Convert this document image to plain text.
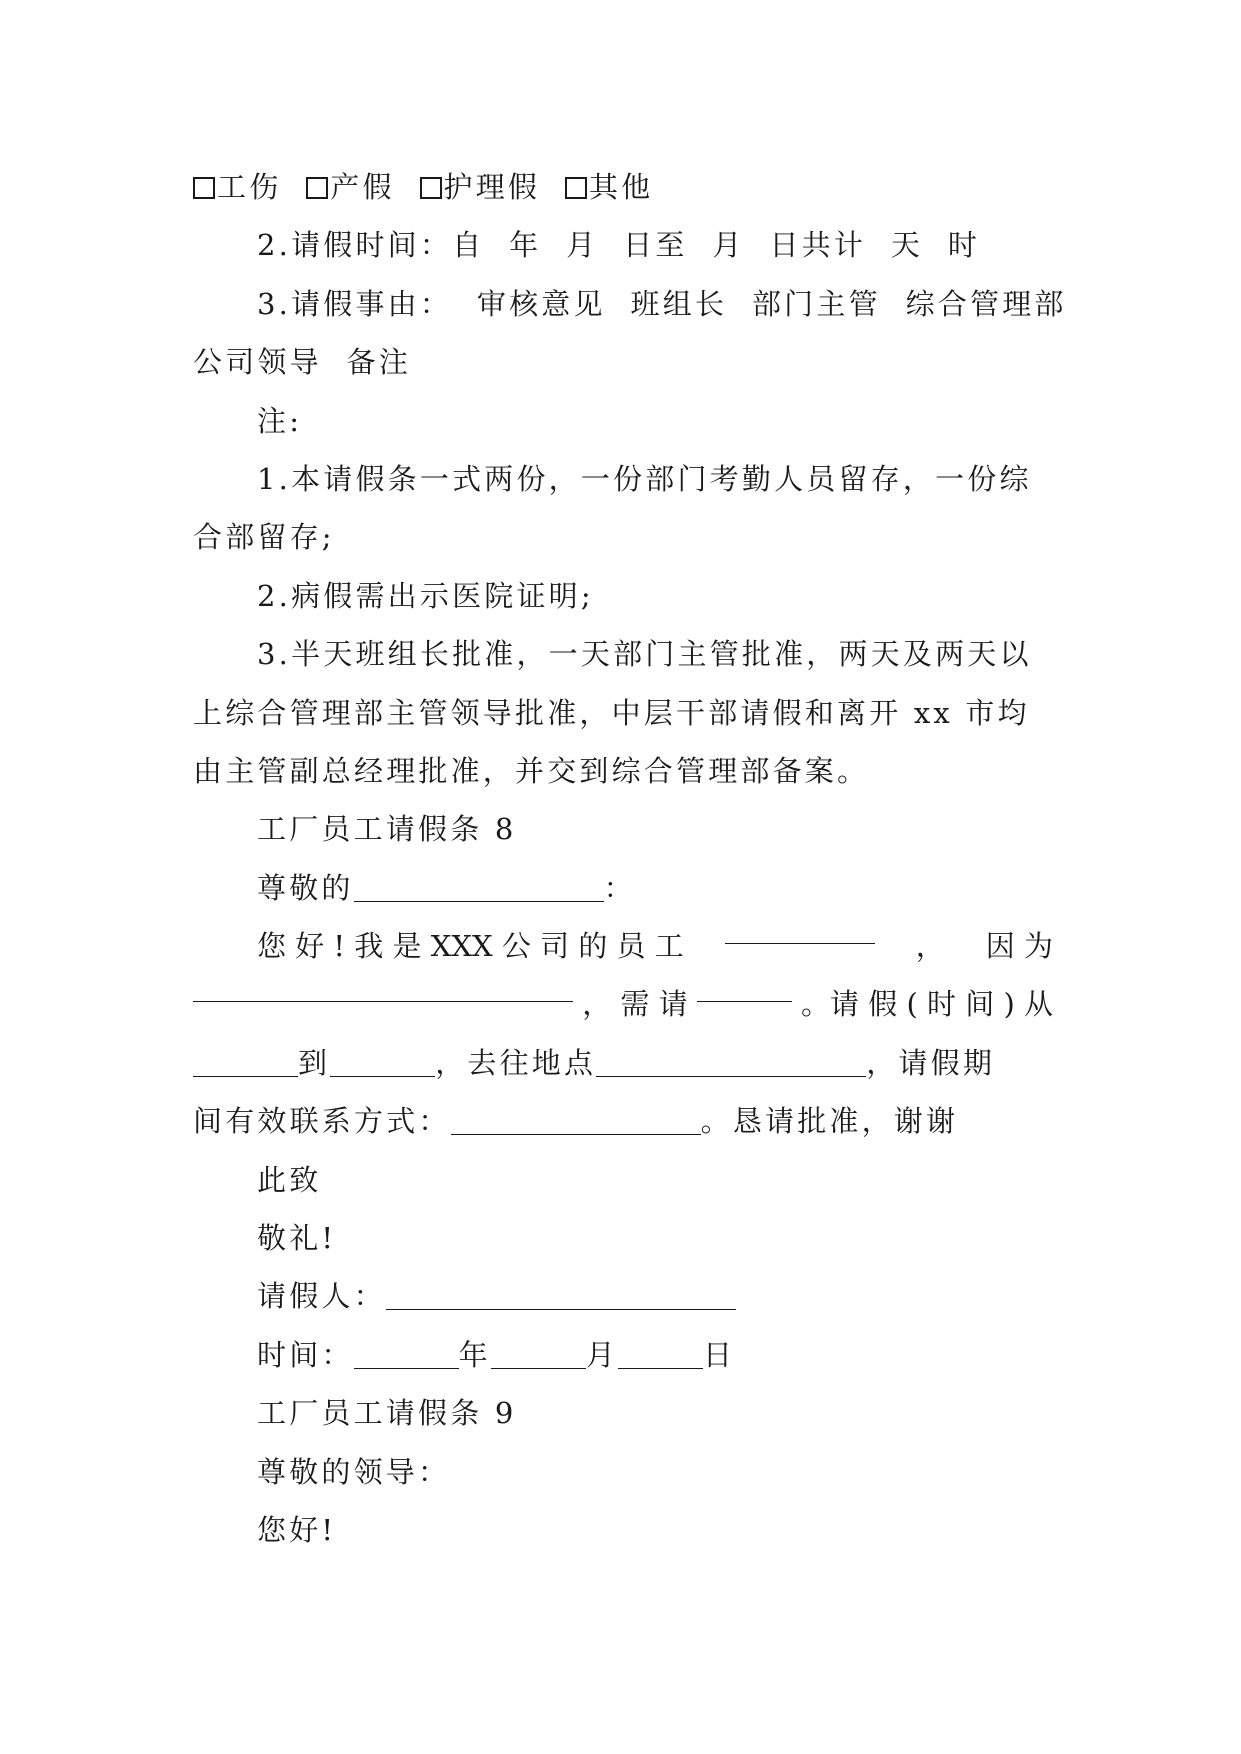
工伤 产假 护理假 其他
2.请假时间：自  年  月  日至  月  日共计  天  时
3.请假事由：  审核意见  班组长  部门主管  综合管理部
公司领导  备注
注:
1.本请假条一式两份，一份部门考勤人员留存，一份综
合部留存;
2.病假需出示医院证明;
3.半天班组长批准，一天部门主管批准，两天及两天以
上综合管理部主管领导批准，中层干部请假和离开 xx 市均
由主管副总经理批准，并交到综合管理部备案。
工厂员工请假条 8
尊敬的	：
您 好 ! 我 是 XXX 公 司 的 员 工	， 因 为
， 需 请	。请 假 ( 时 间 ) 从
到	，去往地点	，请假期
间有效联系方式：	。恳请批准，谢谢
此致
敬礼!
请假人：
时间：	年	月	日
工厂员工请假条 9
尊敬的领导：
您好!
